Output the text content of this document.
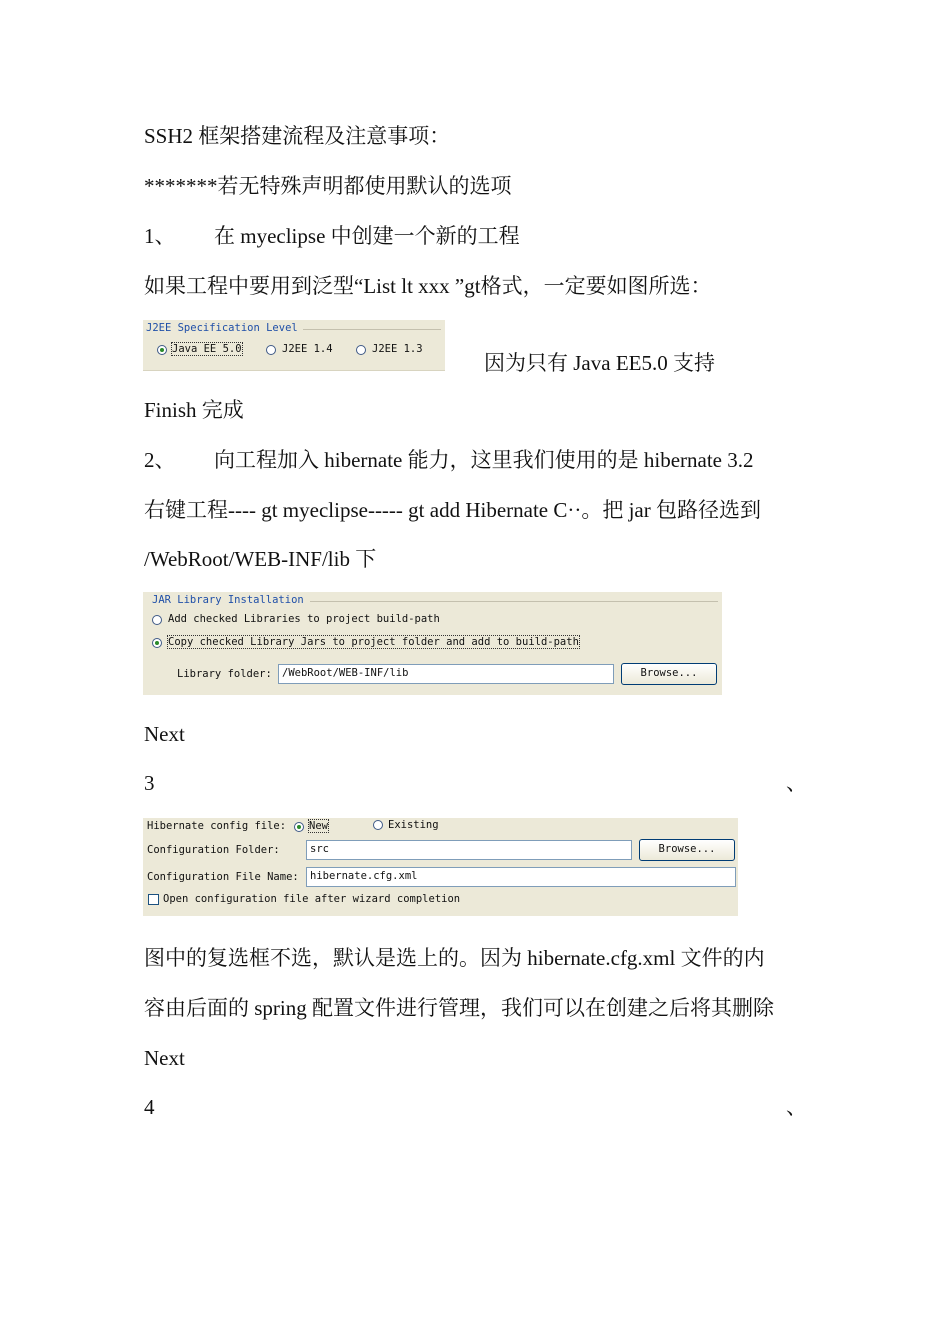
SSH2 框架搭建流程及注意事项：
*******若无特殊声明都使用默认的选项
1、 在 myeclipse 中创建一个新的工程
如果工程中要用到泛型“List lt xxx ”gt格式，一定要如图所选：
J2EE Specification Level
Java EE 5.0	J2EE 1.4	J2EE 1.3
因为只有 Java EE5.0 支持
Finish 完成
2、 向工程加入 hibernate 能力，这里我们使用的是 hibernate 3.2
右键工程---- gt myeclipse----- gt add Hibernate C··。把 jar 包路径选到
/WebRoot/WEB-INF/lib 下
JAR Library Installation
Add checked Libraries to project build-path
Copy checked Library Jars to project folder and add to build-path
Library folder: /WebRoot/WEB-INF/lib	Browse...
Next
3	、
Hibernate config file: New	Existing
Configuration Folder:	src	Browse...
Configuration File Name:	hibernate.cfg.xml
Open configuration file after wizard completion
图中的复选框不选，默认是选上的。因为 hibernate.cfg.xml 文件的内
容由后面的 spring 配置文件进行管理，我们可以在创建之后将其删除
Next
4	、
